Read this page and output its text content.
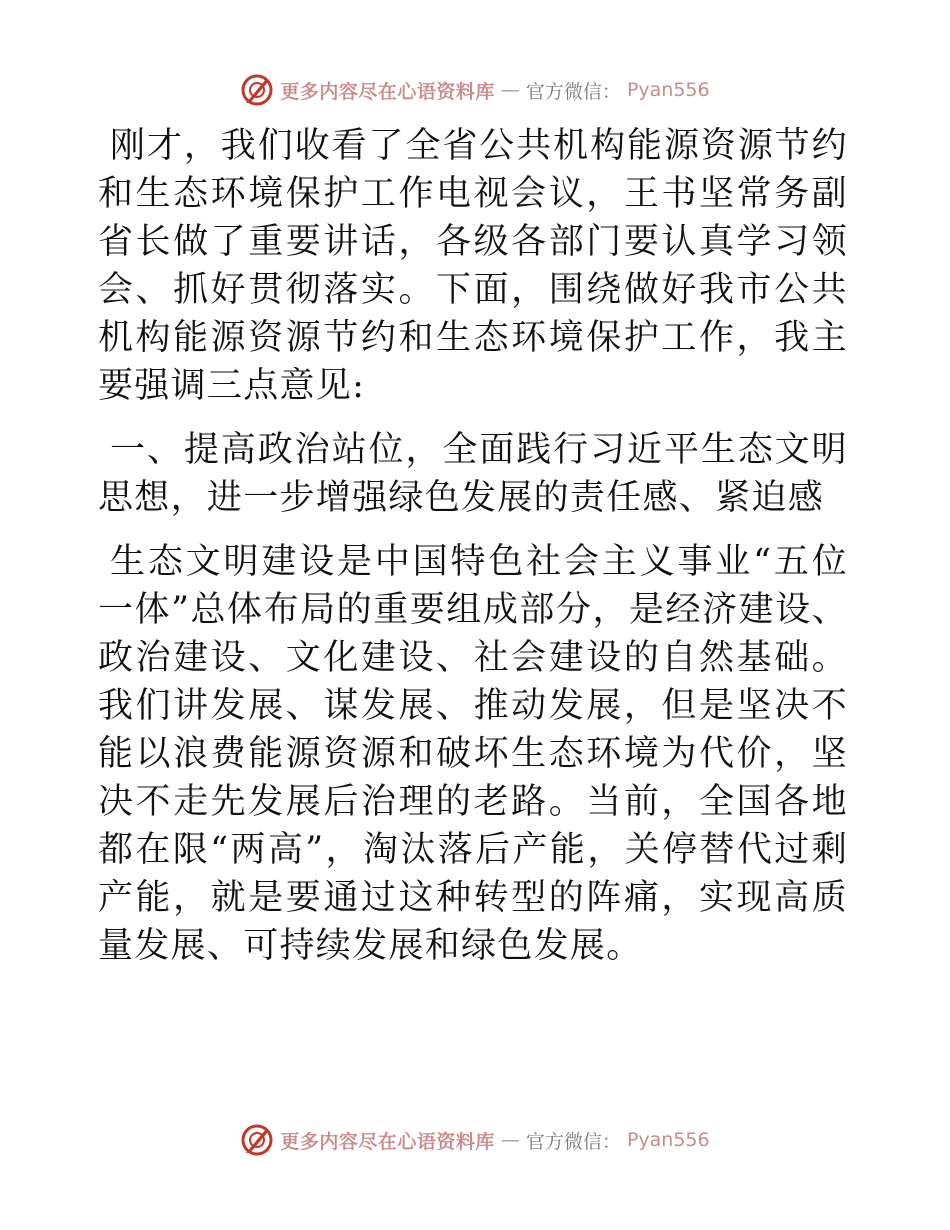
更多内容尽在心语资料库 — 官方微信： Pyan556

刚才，我们收看了全省公共机构能源资源节约和生态环境保护工作电视会议，王书坚常务副省长做了重要讲话，各级各部门要认真学习领会、抓好贯彻落实。下面，围绕做好我市公共机构能源资源节约和生态环境保护工作，我主要强调三点意见:

一、提高政治站位，全面践行习近平生态文明思想，进一步增强绿色发展的责任感、紧迫感

生态文明建设是中国特色社会主义事业“五位一体”总体布局的重要组成部分，是经济建设、政治建设、文化建设、社会建设的自然基础。我们讲发展、谋发展、推动发展，但是坚决不能以浪费能源资源和破坏生态环境为代价，坚决不走先发展后治理的老路。当前，全国各地都在限“两高”，淘汰落后产能，关停替代过剩产能，就是要通过这种转型的阵痛，实现高质量发展、可持续发展和绿色发展。

更多内容尽在心语资料库 — 官方微信： Pyan556
